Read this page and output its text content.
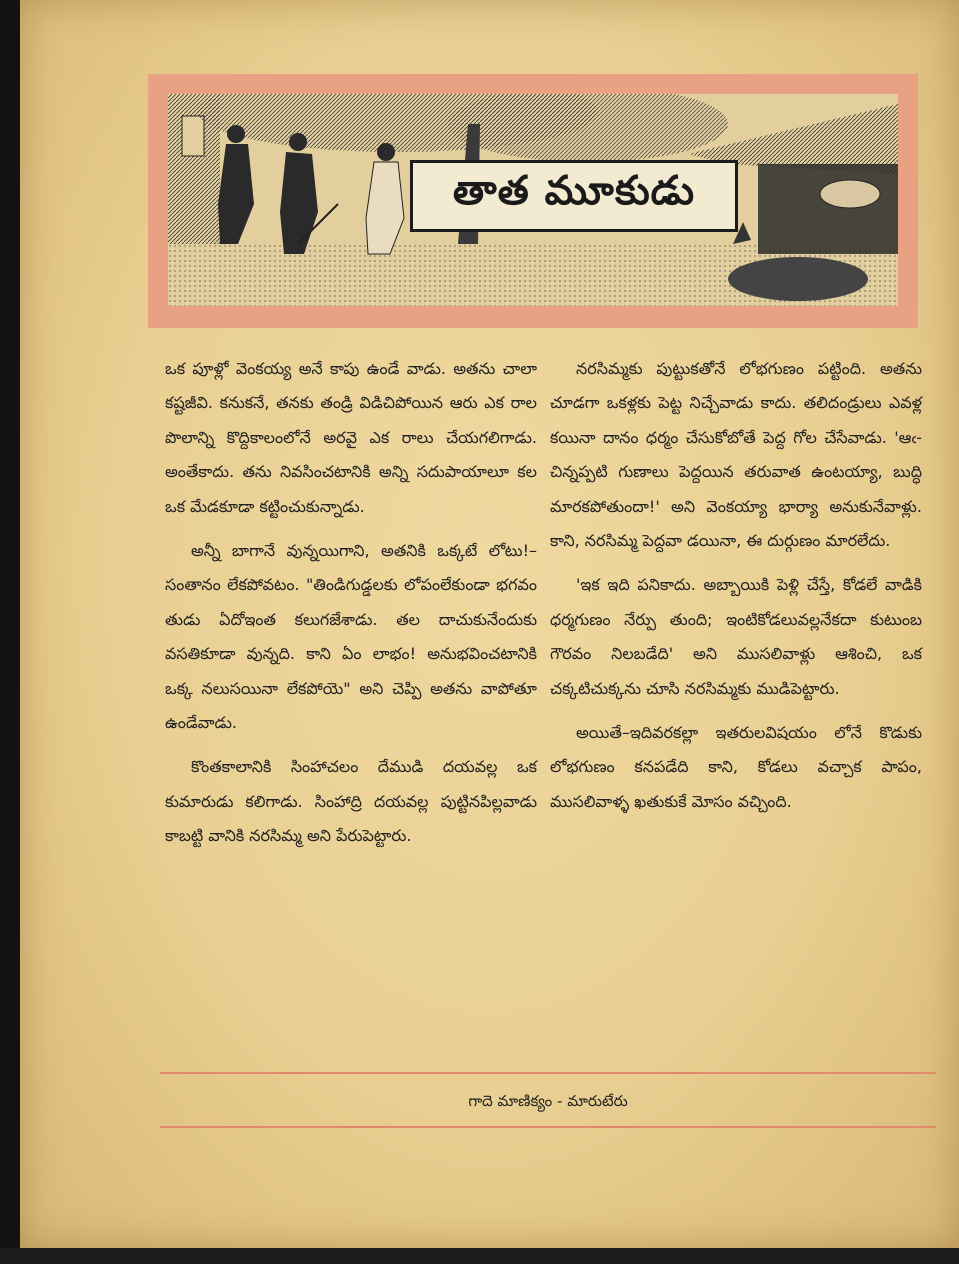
తాత మూకుడు

ఒక పూళ్లో వెంకయ్య అనే కాపు ఉండే వాడు. అతను చాలా కష్టజీవి. కనుకనే, తనకు తండ్రి విడిచిపోయిన ఆరు ఎక రాల పొలాన్ని కొద్దికాలంలోనే అరవై ఎక రాలు చేయగలిగాడు. అంతేకాదు. తను నివసించటానికి అన్ని సదుపాయాలూ కల ఒక మేడకూడా కట్టించుకున్నాడు.

అన్నీ బాగానే వున్నయిగాని, అతనికి ఒక్కటే లోటు!– సంతానం లేకపోవటం. "తిండిగుడ్డలకు లోపంలేకుండా భగవం తుడు ఏదోఇంత కలుగజేశాడు. తల దాచుకునేందుకు వసతికూడా వున్నది. కాని ఏం లాభం! అనుభవించటానికి ఒక్క నలుసయినా లేకపోయె" అని చెప్పి అతను వాపోతూ ఉండేవాడు.

కొంతకాలానికి సింహాచలం దేముడి దయవల్ల ఒక కుమారుడు కలిగాడు. సింహాద్రి దయవల్ల పుట్టినపిల్లవాడు కాబట్టి వానికి నరసిమ్మ అని పేరుపెట్టారు.

నరసిమ్మకు పుట్టుకతోనే లోభగుణం పట్టింది. అతను చూడగా ఒకళ్లకు పెట్ట నిచ్చేవాడు కాదు. తలిదండ్రులు ఎవళ్ల కయినా దానం ధర్మం చేసుకోబోతే పెద్ద గోల చేసేవాడు. 'ఆఁ- చిన్నప్పటి గుణాలు పెద్దయిన తరువాత ఉంటయ్యా, బుద్ధి మారకపోతుందా!' అని వెంకయ్యా భార్యా అనుకునేవాళ్లు. కాని, నరసిమ్మ పెద్దవా డయినా, ఈ దుర్గుణం మారలేదు.

'ఇక ఇది పనికాదు. అబ్బాయికి పెళ్లి చేస్తే, కోడలే వాడికి ధర్మగుణం నేర్పు తుంది; ఇంటికోడలువల్లనేకదా కుటుంబ గౌరవం నిలబడేది' అని ముసలివాళ్లు ఆశించి, ఒక చక్కటిచుక్కను చూసి నరసిమ్మకు ముడిపెట్టారు.

అయితే–ఇదివరకల్లా ఇతరులవిషయం లోనే కొడుకు లోభగుణం కనపడేది కాని, కోడలు వచ్చాక పాపం, ముసలివాళ్ళ ఖతుకుకే మోసం వచ్చింది.

గాదె మాణిక్యం - మారుటేరు
